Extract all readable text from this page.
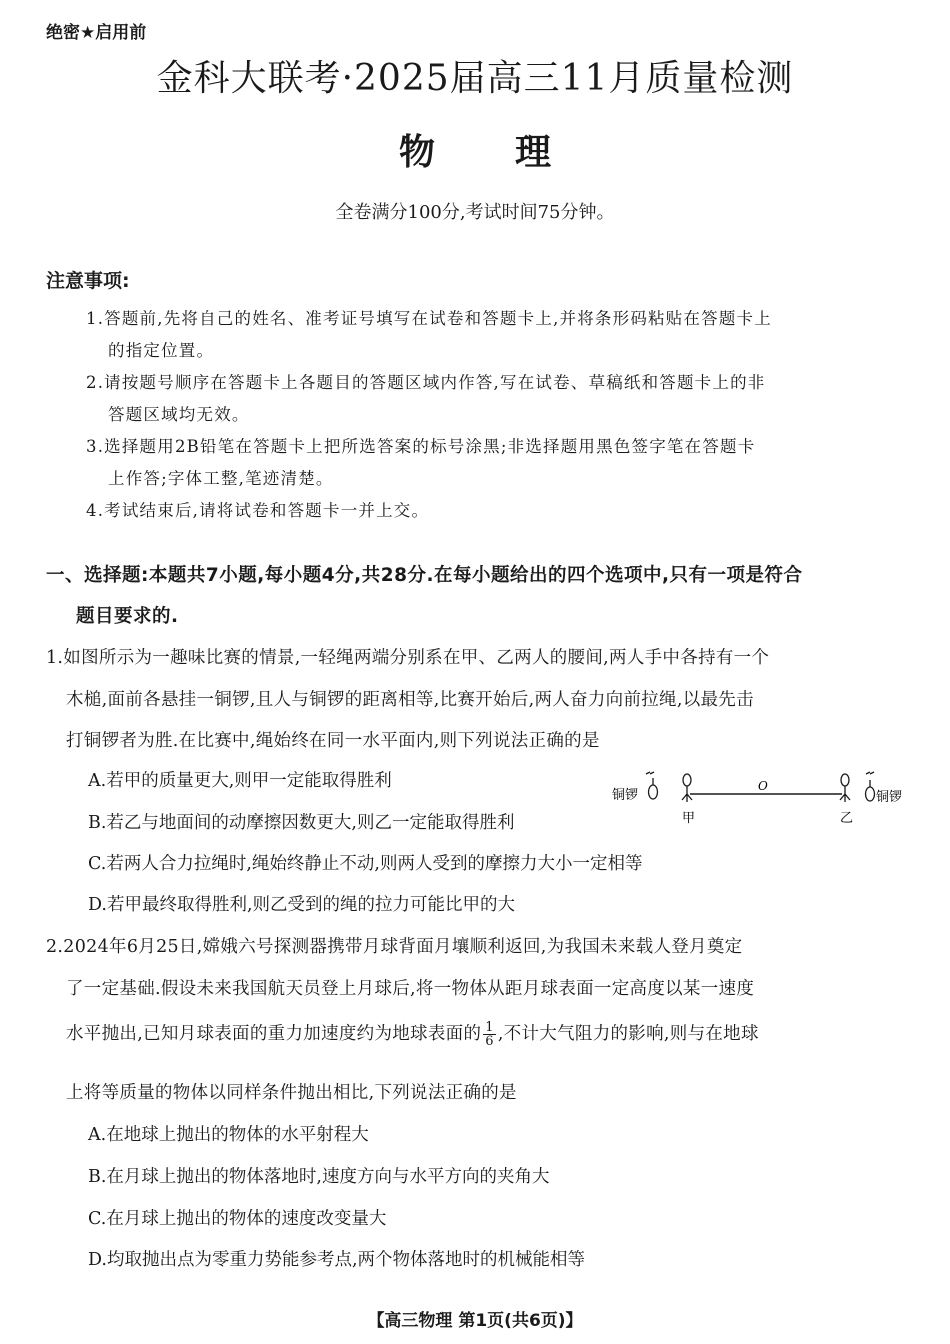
绝密★启用前
金科大联考·2025届高三11月质量检测
物理
全卷满分100分,考试时间75分钟。
注意事项:
1.答题前,先将自己的姓名、准考证号填写在试卷和答题卡上,并将条形码粘贴在答题卡上
的指定位置。
2.请按题号顺序在答题卡上各题目的答题区域内作答,写在试卷、草稿纸和答题卡上的非
答题区域均无效。
3.选择题用2B铅笔在答题卡上把所选答案的标号涂黑;非选择题用黑色签字笔在答题卡
上作答;字体工整,笔迹清楚。
4.考试结束后,请将试卷和答题卡一并上交。
一、选择题:本题共7小题,每小题4分,共28分.在每小题给出的四个选项中,只有一项是符合
题目要求的.
1.如图所示为一趣味比赛的情景,一轻绳两端分别系在甲、乙两人的腰间,两人手中各持有一个
木槌,面前各悬挂一铜锣,且人与铜锣的距离相等,比赛开始后,两人奋力向前拉绳,以最先击
打铜锣者为胜.在比赛中,绳始终在同一水平面内,则下列说法正确的是
A.若甲的质量更大,则甲一定能取得胜利
B.若乙与地面间的动摩擦因数更大,则乙一定能取得胜利
C.若两人合力拉绳时,绳始终静止不动,则两人受到的摩擦力大小一定相等
D.若甲最终取得胜利,则乙受到的绳的拉力可能比甲的大
铜锣
甲
O
乙
铜锣
2.2024年6月25日,嫦娥六号探测器携带月球背面月壤顺利返回,为我国未来载人登月奠定
了一定基础.假设未来我国航天员登上月球后,将一物体从距月球表面一定高度以某一速度
水平抛出,已知月球表面的重力加速度约为地球表面的 $\frac{1}{6}$ ,不计大气阻力的影响,则与在地球
上将等质量的物体以同样条件抛出相比,下列说法正确的是
A.在地球上抛出的物体的水平射程大
B.在月球上抛出的物体落地时,速度方向与水平方向的夹角大
C.在月球上抛出的物体的速度改变量大
D.均取抛出点为零重力势能参考点,两个物体落地时的机械能相等
【高三物理 第1页(共6页)】
